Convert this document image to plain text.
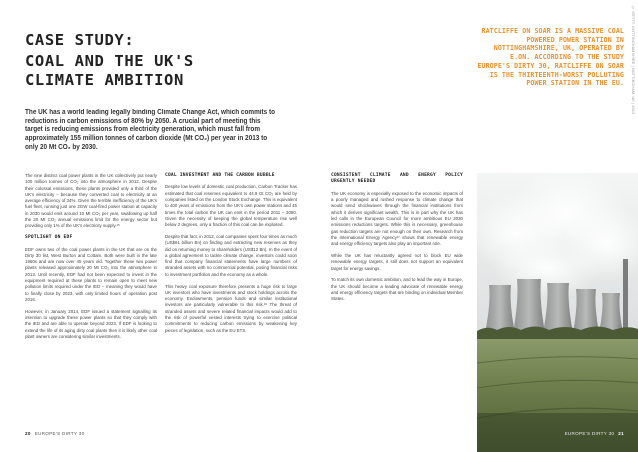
CASE STUDY:
COAL AND THE UK'S
CLIMATE AMBITION

The UK has a world leading legally binding Climate Change Act, which commits to reductions in carbon emissions of 80% by 2050. A crucial part of meeting this target is reducing emissions from electricity generation, which must fall from approximately 155 million tonnes of carbon dioxide (Mt CO₂) per year in 2013 to only 20 Mt CO₂ by 2030.

The nine distinct coal power plants in the UK collectively put nearly 100 million tonnes of CO₂ into the atmosphere in 2012. Despite their colossal emissions, these plants provided only a third of the UK's electricity – because they converted coal to electricity at an average efficiency of 34%. Given the terrible inefficiency of the UK's fuel fleet, running just one 2GW coal-fired power station at capacity in 2030 would emit around 10 Mt CO₂ per year, swallowing up half the 20 Mt CO₂ annual emissions limit for the energy sector but providing only 1% of the UK's electricity supply.¹⁵

SPOTLIGHT ON EDF

EDF owns two of the coal power plants in the UK that are on the Dirty 30 list, West Burton and Cottam. Both were built in the late 1960s and are now over 45 years old. Together these two power plants released approximately 20 Mt CO₂ into the atmosphere in 2013. Until recently, EDF had not been expected to invest in the equipment required at these plants to remain open to meet new pollution limits required under the IED – meaning they would have to finally close by 2023, with only limited hours of operation post 2016.

However, in January 2014, EDF issued a statement signalling its intention to upgrade these power plants so that they comply with the IED and are able to operate beyond 2023. If EDF is looking to extend the life of its aging dirty coal plants then it is likely other coal plant owners are considering similar investments.

COAL INVESTMENT AND THE CARBON BUBBLE

Despite low levels of domestic coal production, Carbon Tracker has estimated that coal reserves equivalent to 44.9 Gt CO₂ are held by companies listed on the London Stock Exchange. This is equivalent to 400 years of emissions from the UK's own power stations and 45 times the total carbon the UK can emit in the period 2011 – 2050. Given the necessity of keeping the global temperature rise well below 2 degrees, only a fraction of this coal can be exploited.

Despite that fact, in 2012, coal companies spent four times as much (US$61 billion Bn) on finding and extracting new reserves as they did on returning money to shareholders (US$12 Bn). In the event of a global agreement to tackle climate change, investors could soon find that company financial statements have large numbers of stranded assets with no commercial potential, posing financial risks to investment portfolios and the economy as a whole.

This heavy coal exposure therefore presents a huge risk to large UK investors who have investments and stock holdings across the economy. Endowments, pension funds and similar institutional investors are particularly vulnerable to this risk.¹⁶ The threat of stranded assets and severe related financial impacts would add to the risk of powerful vested interests trying to exercise political commitments to reducing carbon emissions by weakening key pieces of legislation, such as the EU ETS.

20 EUROPE'S DIRTY 30
RATCLIFFE ON SOAR IS A MASSIVE COAL POWERED POWER STATION IN NOTTINGHAMSHIRE, UK, OPERATED BY E.ON. ACCORDING TO THE STUDY EUROPE'S DIRTY 30, RATCLIFFE ON SOAR IS THE THIRTEENTH-WORST POLLUTING POWER STATION IN THE EU. © GETTY, NOTTINGHAMSHIRE | NOTTINGHAM, UK | 2013
CONSISTENT CLIMATE AND ENERGY POLICY URGENTLY NEEDED

The UK economy is especially exposed to the economic impacts of a poorly managed and rushed response to climate change that would send shockwaves through the financial institutions from which it derives significant wealth. This is in part why the UK has led calls in the European Council for more ambitious EU 2030 emissions reductions targets. While this is necessary, greenhouse gas reduction targets are not enough on their own. Research from the International Energy Agency¹⁷ shows that renewable energy and energy efficiency targets also play an important role.

While the UK has reluctantly agreed not to block EU wide renewable energy targets, it still does not support an equivalent target for energy savings.

To match its own domestic ambition, and to lead the way in Europe, the UK should become a leading advocate of renewable energy and energy efficiency targets that are binding on individual Member States.

EUROPE'S DIRTY 30 21
